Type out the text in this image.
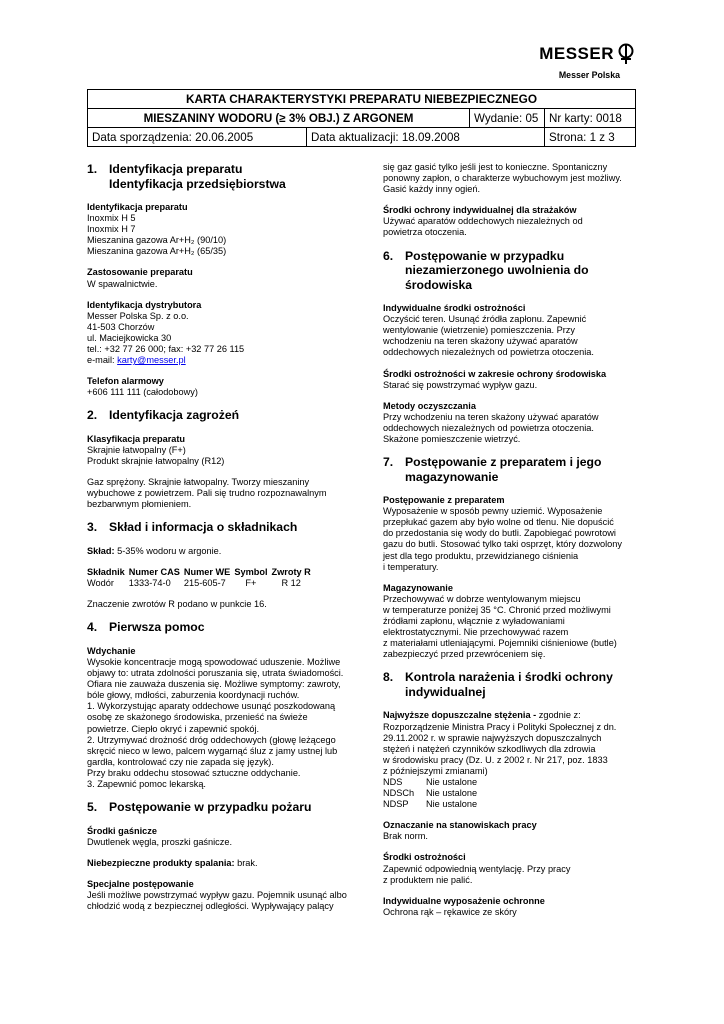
MESSER
Messer Polska
KARTA CHARAKTERYSTYKI PREPARATU NIEBEZPIECZNEGO			
MIESZANINY WODORU (≥ 3% OBJ.) Z ARGONEM		Wydanie: 05	Nr karty: 0018
Data sporządzenia: 20.06.2005	Data aktualizacji: 18.09.2008		Strona: 1 z 3
1. Identyfikacja preparatu
Identyfikacja przedsiębiorstwa

Identyfikacja preparatu
Inoxmix H 5
Inoxmix H 7
Mieszanina gazowa Ar+H₂ (90/10)
Mieszanina gazowa Ar+H₂ (65/35)

Zastosowanie preparatu
W spawalnictwie.

Identyfikacja dystrybutora
Messer Polska Sp. z o.o.
41-503 Chorzów
ul. Maciejkowicka 30
tel.: +32 77 26 000; fax: +32 77 26 115
e-mail: karty@messer.pl

Telefon alarmowy
+606 111 111 (całodobowy)

2. Identyfikacja zagrożeń

Klasyfikacja preparatu
Skrajnie łatwopalny (F+)
Produkt skrajnie łatwopalny (R12)

Gaz sprężony. Skrajnie łatwopalny. Tworzy mieszaniny
wybuchowe z powietrzem. Pali się trudno rozpoznawalnym
bezbarwnym płomieniem.

3. Skład i informacja o składnikach

Skład: 5-35% wodoru w argonie.

Składnik	Numer CAS	Numer WE	Symbol	Zwroty R
Wodór	1333-74-0	215-605-7	F+	R 12

Znaczenie zwrotów R podano w punkcie 16.

4. Pierwsza pomoc

Wdychanie
Wysokie koncentracje mogą spowodować uduszenie. Możliwe
objawy to: utrata zdolności poruszania się, utrata świadomości.
Ofiara nie zauważa duszenia się. Możliwe symptomy: zawroty,
bóle głowy, mdłości, zaburzenia koordynacji ruchów.
1. Wykorzystując aparaty oddechowe usunąć poszkodowaną
osobę ze skażonego środowiska, przenieść na świeże
powietrze. Ciepło okryć i zapewnić spokój.
2. Utrzymywać drożność dróg oddechowych (głowę leżącego
skręcić nieco w lewo, palcem wygarnąć śluz z jamy ustnej lub
gardła, kontrolować czy nie zapada się język).
Przy braku oddechu stosować sztuczne oddychanie.
3. Zapewnić pomoc lekarską.

5. Postępowanie w przypadku pożaru

Środki gaśnicze
Dwutlenek węgla, proszki gaśnicze.

Niebezpieczne produkty spalania: brak.

Specjalne postępowanie
Jeśli możliwe powstrzymać wypływ gazu. Pojemnik usunąć albo
chłodzić wodą z bezpiecznej odległości. Wypływający palący

się gaz gasić tylko jeśli jest to konieczne. Spontaniczny
ponowny zapłon, o charakterze wybuchowym jest możliwy.
Gasić każdy inny ogień.

Środki ochrony indywidualnej dla strażaków
Używać aparatów oddechowych niezależnych od
powietrza otoczenia.

6. Postępowanie w przypadku
niezamierzonego uwolnienia do
środowiska

Indywidualne środki ostrożności
Oczyścić teren. Usunąć źródła zapłonu. Zapewnić
wentylowanie (wietrzenie) pomieszczenia. Przy
wchodzeniu na teren skażony używać aparatów
oddechowych niezależnych od powietrza otoczenia.

Środki ostrożności w zakresie ochrony środowiska
Starać się powstrzymać wypływ gazu.

Metody oczyszczania
Przy wchodzeniu na teren skażony używać aparatów
oddechowych niezależnych od powietrza otoczenia.
Skażone pomieszczenie wietrzyć.

7. Postępowanie z preparatem i jego
magazynowanie

Postępowanie z preparatem
Wyposażenie w sposób pewny uziemić. Wyposażenie
przepłukać gazem aby było wolne od tlenu. Nie dopuścić
do przedostania się wody do butli. Zapobiegać powrotowi
gazu do butli. Stosować tylko taki osprzęt, który dozwolony
jest dla tego produktu, przewidzianego ciśnienia
i temperatury.

Magazynowanie
Przechowywać w dobrze wentylowanym miejscu
w temperaturze poniżej 35 °C. Chronić przed możliwymi
źródłami zapłonu, włącznie z wyładowaniami
elektrostatycznymi. Nie przechowywać razem
z materiałami utleniającymi. Pojemniki ciśnieniowe (butle)
zabezpieczyć przed przewróceniem się.

8. Kontrola narażenia i środki ochrony
indywidualnej

Najwyższe dopuszczalne stężenia - zgodnie z:
Rozporządzenie Ministra Pracy i Polityki Społecznej z dn.
29.11.2002 r. w sprawie najwyższych dopuszczalnych
stężeń i natężeń czynników szkodliwych dla zdrowia
w środowisku pracy (Dz. U. z 2002 r. Nr 217, poz. 1833
z późniejszymi zmianami)
NDS	Nie ustalone
NDSCh	Nie ustalone
NDSP	Nie ustalone

Oznaczanie na stanowiskach pracy
Brak norm.

Środki ostrożności
Zapewnić odpowiednią wentylację. Przy pracy
z produktem nie palić.

Indywidualne wyposażenie ochronne
Ochrona rąk – rękawice ze skóry
